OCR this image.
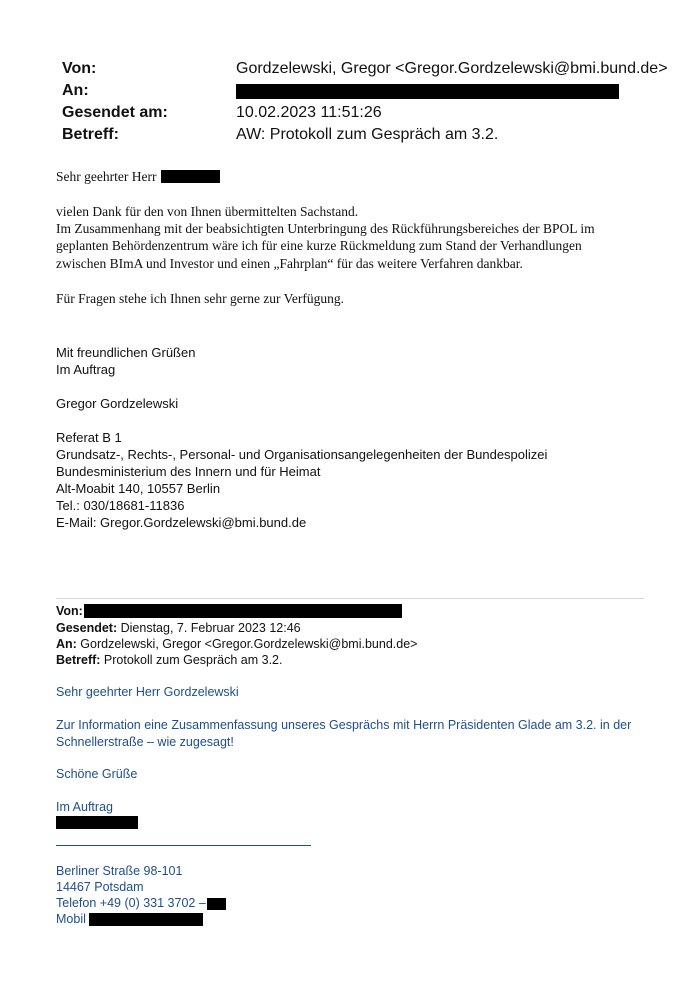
Von:	Gordzelewski, Gregor <Gregor.Gordzelewski@bmi.bund.de>
An:
Gesendet am:	10.02.2023 11:51:26
Betreff:	AW: Protokoll zum Gespräch am 3.2.
Sehr geehrter Herr
vielen Dank für den von Ihnen übermittelten Sachstand.
Im Zusammenhang mit der beabsichtigten Unterbringung des Rückführungsbereiches der BPOL im
geplanten Behördenzentrum wäre ich für eine kurze Rückmeldung zum Stand der Verhandlungen
zwischen BImA und Investor und einen „Fahrplan“ für das weitere Verfahren dankbar.
Für Fragen stehe ich Ihnen sehr gerne zur Verfügung.
Mit freundlichen Grüßen
Im Auftrag
Gregor Gordzelewski
Referat B 1
Grundsatz-, Rechts-, Personal- und Organisationsangelegenheiten der Bundespolizei
Bundesministerium des Innern und für Heimat
Alt-Moabit 140, 10557 Berlin
Tel.: 030/18681-11836
E-Mail: Gregor.Gordzelewski@bmi.bund.de
Von:
Gesendet: Dienstag, 7. Februar 2023 12:46
An: Gordzelewski, Gregor <Gregor.Gordzelewski@bmi.bund.de>
Betreff: Protokoll zum Gespräch am 3.2.
Sehr geehrter Herr Gordzelewski
Zur Information eine Zusammenfassung unseres Gesprächs mit Herrn Präsidenten Glade am 3.2. in der
Schnellerstraße – wie zugesagt!
Schöne Grüße
Im Auftrag
Berliner Straße 98-101
14467 Potsdam
Telefon +49 (0) 331 3702 –
Mobil
